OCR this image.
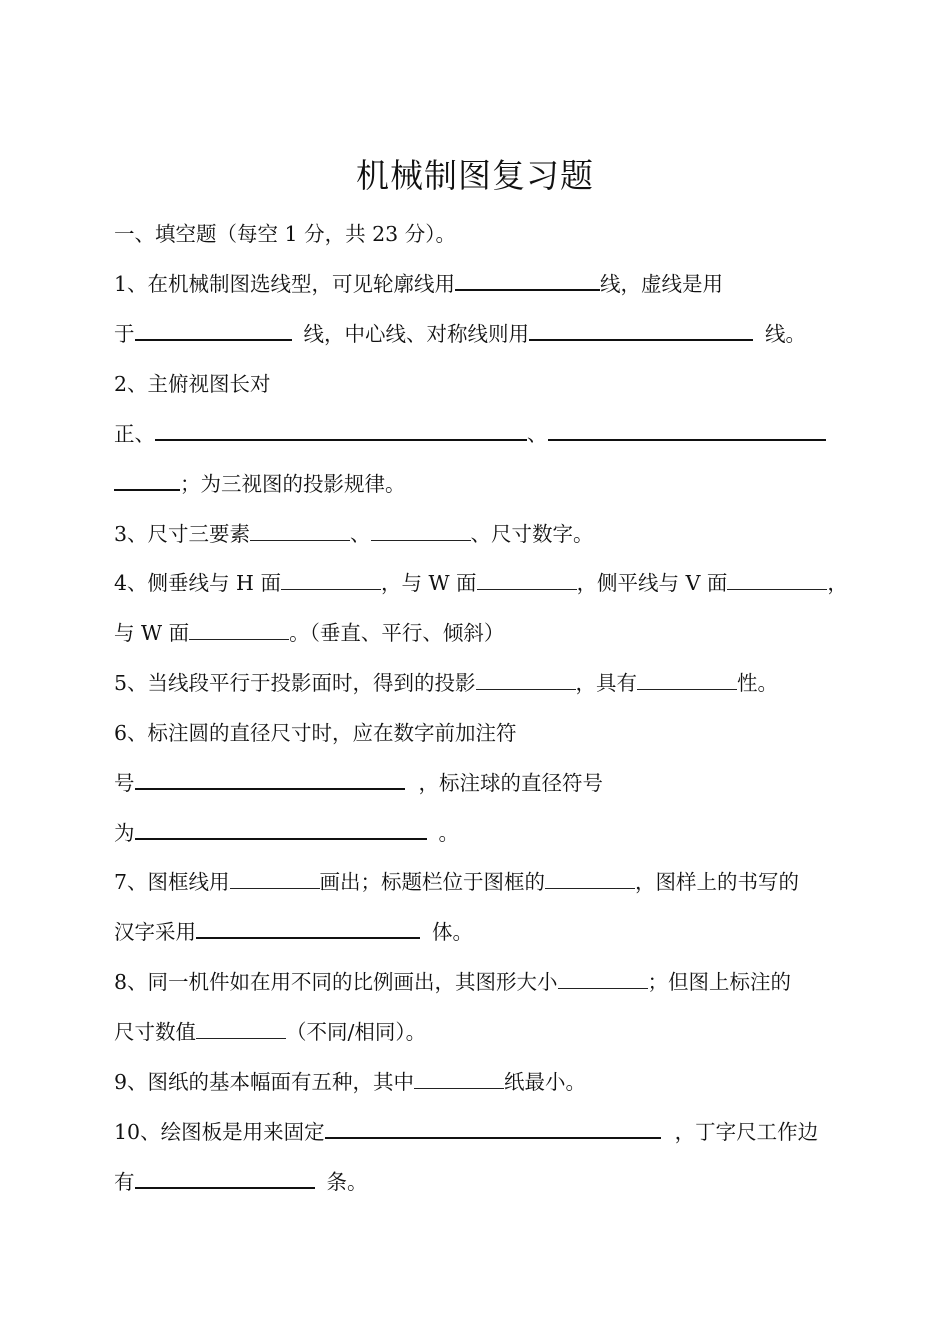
机械制图复习题
一、填空题（每空 1 分，共 23 分）。
1、在机械制图选线型，可见轮廓线用	线，虚线是用
于	线，中心线、对称线则用	线。
2、主俯视图长对
正、	、
；为三视图的投影规律。
3、尺寸三要素	、	、尺寸数字。
4、侧垂线与 H 面	，与 W 面	，侧平线与 V 面	，
与 W 面	。（垂直、平行、倾斜）
5、当线段平行于投影面时，得到的投影	，具有	性。
6、标注圆的直径尺寸时，应在数字前加注符
号	，标注球的直径符号
为	。
7、图框线用	画出；标题栏位于图框的	，图样上的书写的
汉字采用	体。
8、同一机件如在用不同的比例画出，其图形大小	；但图上标注的
尺寸数值	（不同/相同）。
9、图纸的基本幅面有五种，其中	纸最小。
10、绘图板是用来固定	，丁字尺工作边
有	条。
